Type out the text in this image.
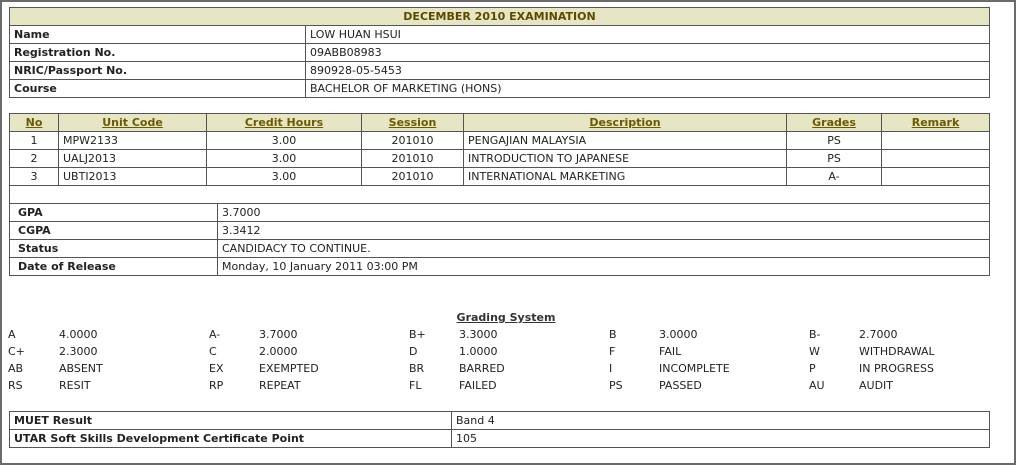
DECEMBER 2010 EXAMINATION
Name	LOW HUAN HSUI
Registration No.	09ABB08983
NRIC/Passport No.	890928-05-5453
Course	BACHELOR OF MARKETING (HONS)
No	Unit Code	Credit Hours	Session	Description	Grades	Remark
1	MPW2133	3.00	201010	PENGAJIAN MALAYSIA	PS	
2	UALJ2013	3.00	201010	INTRODUCTION TO JAPANESE	PS	
3	UBTI2013	3.00	201010	INTERNATIONAL MARKETING	A-	

GPA	3.7000
CGPA	3.3412
Status	CANDIDACY TO CONTINUE.
Date of Release	Monday, 10 January 2011 03:00 PM
Grading System
A	4.0000	A-	3.7000	B+	3.3000	B	3.0000	B-	2.7000
C+	2.3000	C	2.0000	D	1.0000	F	FAIL	W	WITHDRAWAL
AB	ABSENT	EX	EXEMPTED	BR	BARRED	I	INCOMPLETE	P	IN PROGRESS
RS	RESIT	RP	REPEAT	FL	FAILED	PS	PASSED	AU	AUDIT
MUET Result	Band 4
UTAR Soft Skills Development Certificate Point	105
